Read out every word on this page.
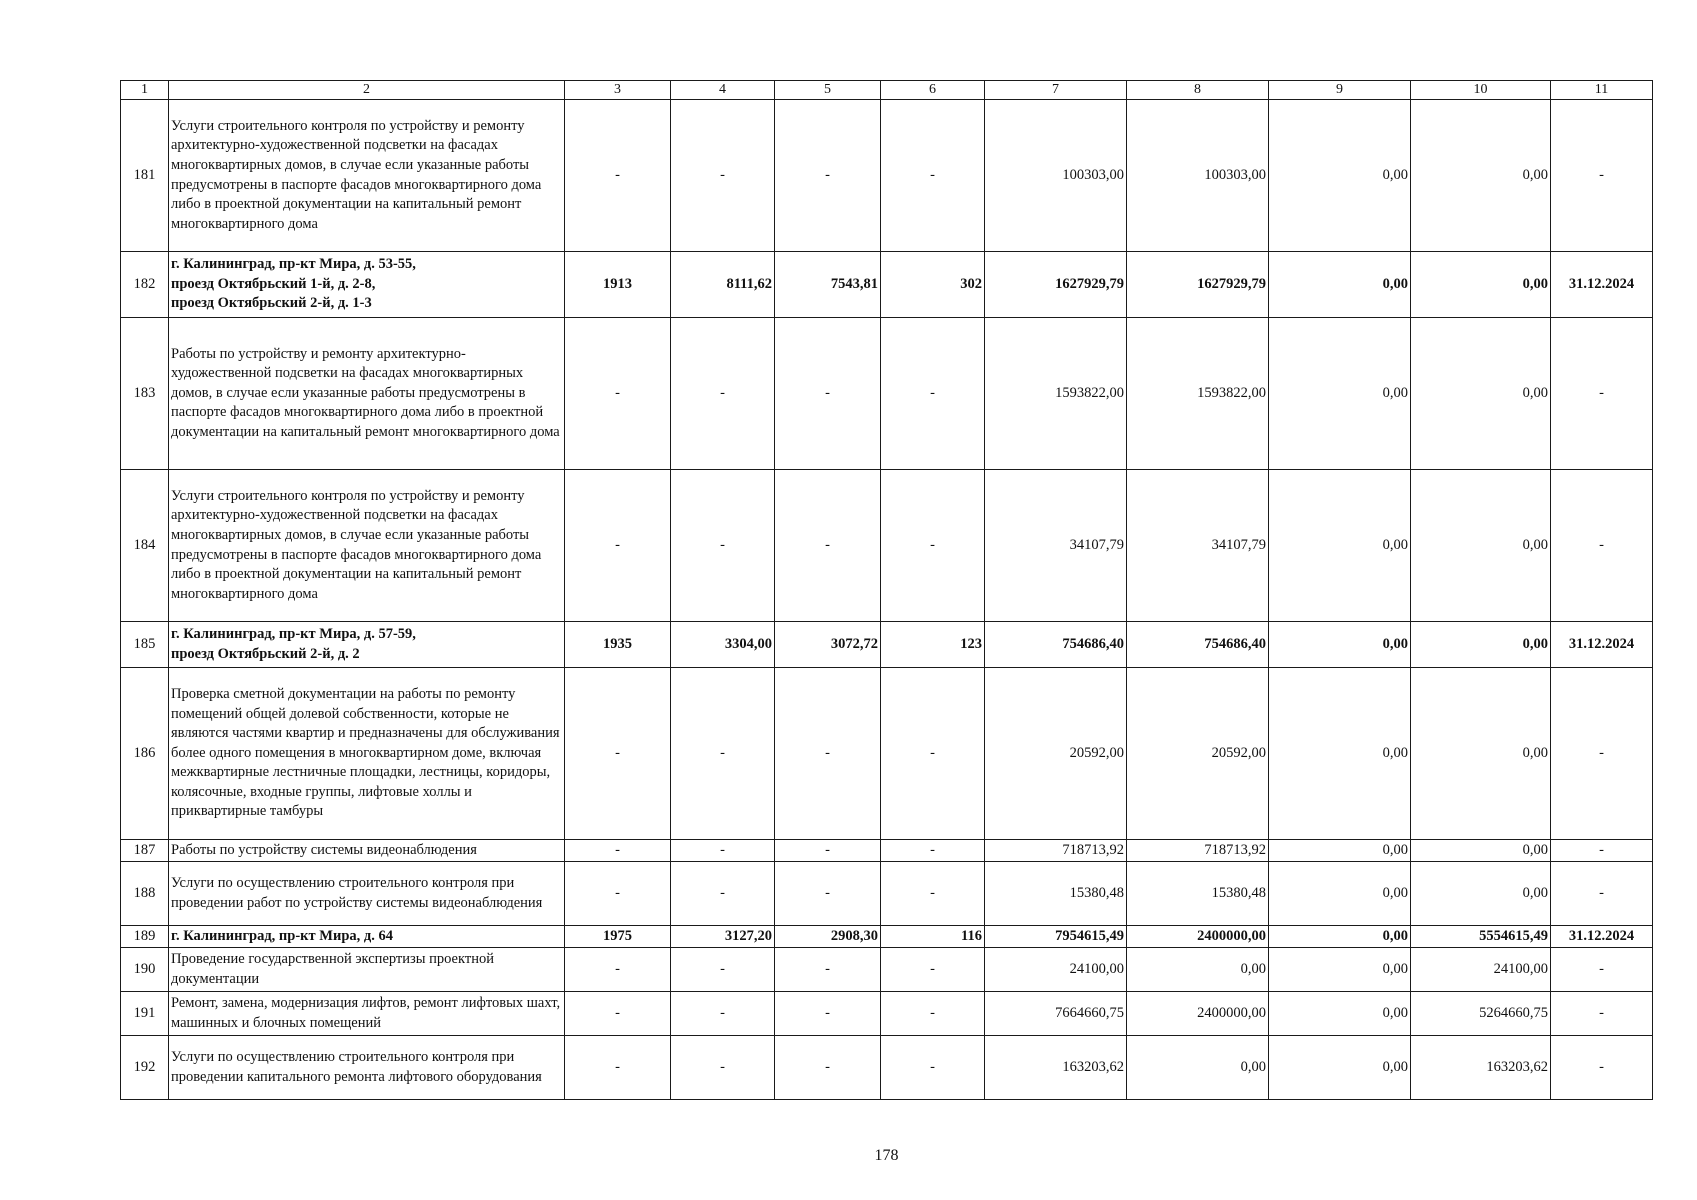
1	2	3	4	5	6	7	8	9	10	11
181	Услуги строительного контроля по устройству и ремонту архитектурно-художественной подсветки на фасадах многоквартирных домов, в случае если указанные работы предусмотрены в паспорте фасадов многоквартирного дома либо в проектной документации на капитальный ремонт многоквартирного дома	-	-	-	-	100303,00	100303,00	0,00	0,00	-
182	г. Калининград, пр-кт Мира, д. 53-55,
проезд Октябрьский 1-й, д. 2-8,
проезд Октябрьский 2-й, д. 1-3	1913	8111,62	7543,81	302	1627929,79	1627929,79	0,00	0,00	31.12.2024
183	Работы по устройству и ремонту архитектурно-художественной подсветки на фасадах многоквартирных домов, в случае если указанные работы предусмотрены в паспорте фасадов многоквартирного дома либо в проектной документации на капитальный ремонт многоквартирного дома	-	-	-	-	1593822,00	1593822,00	0,00	0,00	-
184	Услуги строительного контроля по устройству и ремонту архитектурно-художественной подсветки на фасадах многоквартирных домов, в случае если указанные работы предусмотрены в паспорте фасадов многоквартирного дома либо в проектной документации на капитальный ремонт многоквартирного дома	-	-	-	-	34107,79	34107,79	0,00	0,00	-
185	г. Калининград, пр-кт Мира, д. 57-59,
проезд Октябрьский 2-й, д. 2	1935	3304,00	3072,72	123	754686,40	754686,40	0,00	0,00	31.12.2024
186	Проверка сметной документации на работы по ремонту помещений общей долевой собственности, которые не являются частями квартир и предназначены для обслуживания более одного помещения в многоквартирном доме, включая межквартирные лестничные площадки, лестницы, коридоры, колясочные, входные группы, лифтовые холлы и приквартирные тамбуры	-	-	-	-	20592,00	20592,00	0,00	0,00	-
187	Работы по устройству системы видеонаблюдения	-	-	-	-	718713,92	718713,92	0,00	0,00	-
188	Услуги по осуществлению строительного контроля при проведении работ по устройству системы видеонаблюдения	-	-	-	-	15380,48	15380,48	0,00	0,00	-
189	г. Калининград, пр-кт Мира, д. 64	1975	3127,20	2908,30	116	7954615,49	2400000,00	0,00	5554615,49	31.12.2024
190	Проведение государственной экспертизы проектной документации	-	-	-	-	24100,00	0,00	0,00	24100,00	-
191	Ремонт, замена, модернизация лифтов, ремонт лифтовых шахт, машинных и блочных помещений	-	-	-	-	7664660,75	2400000,00	0,00	5264660,75	-
192	Услуги по осуществлению строительного контроля при проведении капитального ремонта лифтового оборудования	-	-	-	-	163203,62	0,00	0,00	163203,62	-
178
